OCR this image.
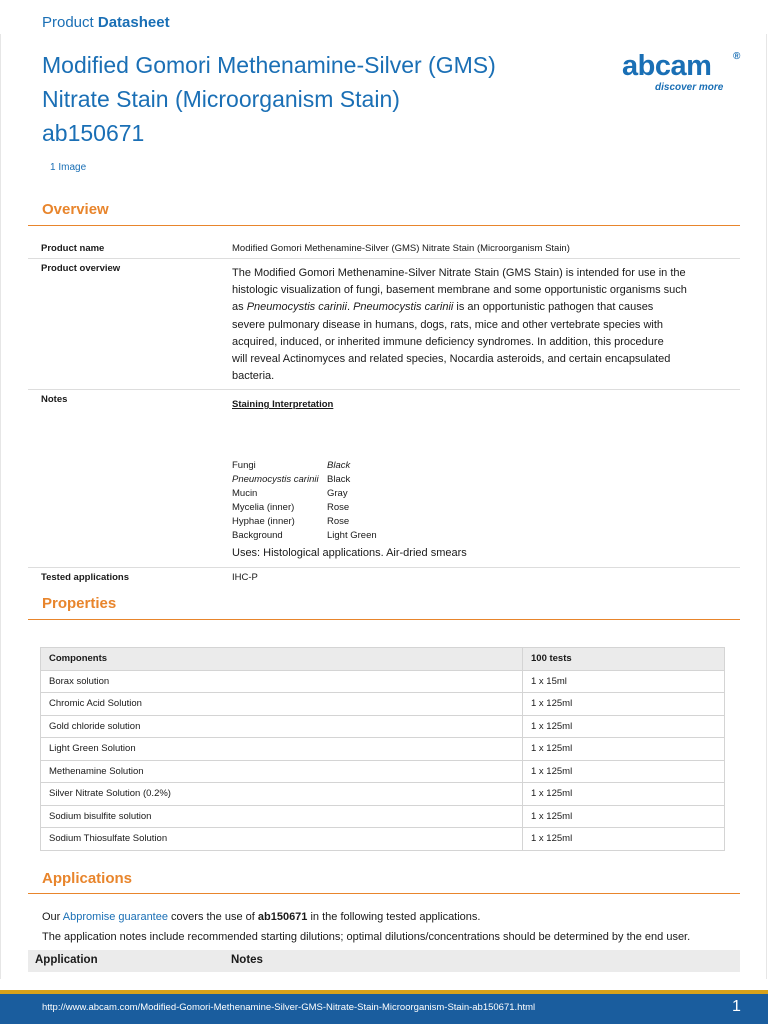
Product Datasheet
Modified Gomori Methenamine-Silver (GMS)
Nitrate Stain (Microorganism Stain)
ab150671
abcam	®
discover more
1 Image
Overview
Product name	Modified Gomori Methenamine-Silver (GMS) Nitrate Stain (Microorganism Stain)
Product overview	The Modified Gomori Methenamine-Silver Nitrate Stain (GMS Stain) is intended for use in the
histologic visualization of fungi, basement membrane and some opportunistic organisms such
as Pneumocystis carinii. Pneumocystis carinii is an opportunistic pathogen that causes
severe pulmonary disease in humans, dogs, rats, mice and other vertebrate species with
acquired, induced, or inherited immune deficiency syndromes. In addition, this procedure
will reveal Actinomyces and related species, Nocardia asteroids, and certain encapsulated
bacteria.
Notes	Staining Interpretation
Fungi	Black
Pneumocystis carinii	Black
Mucin	Gray
Mycelia (inner)	Rose
Hyphae (inner)	Rose
Background	Light Green
Uses: Histological applications. Air-dried smears
Tested applications	IHC-P
Properties
Components	100 tests
Borax solution	1 x 15ml
Chromic Acid Solution	1 x 125ml
Gold chloride solution	1 x 125ml
Light Green Solution	1 x 125ml
Methenamine Solution	1 x 125ml
Silver Nitrate Solution (0.2%)	1 x 125ml
Sodium bisulfite solution	1 x 125ml
Sodium Thiosulfate Solution	1 x 125ml
Applications
Our Abpromise guarantee covers the use of ab150671 in the following tested applications.
The application notes include recommended starting dilutions; optimal dilutions/concentrations should be determined by the end user.
Application	Notes
http://www.abcam.com/Modified-Gomori-Methenamine-Silver-GMS-Nitrate-Stain-Microorganism-Stain-ab150671.html	1
